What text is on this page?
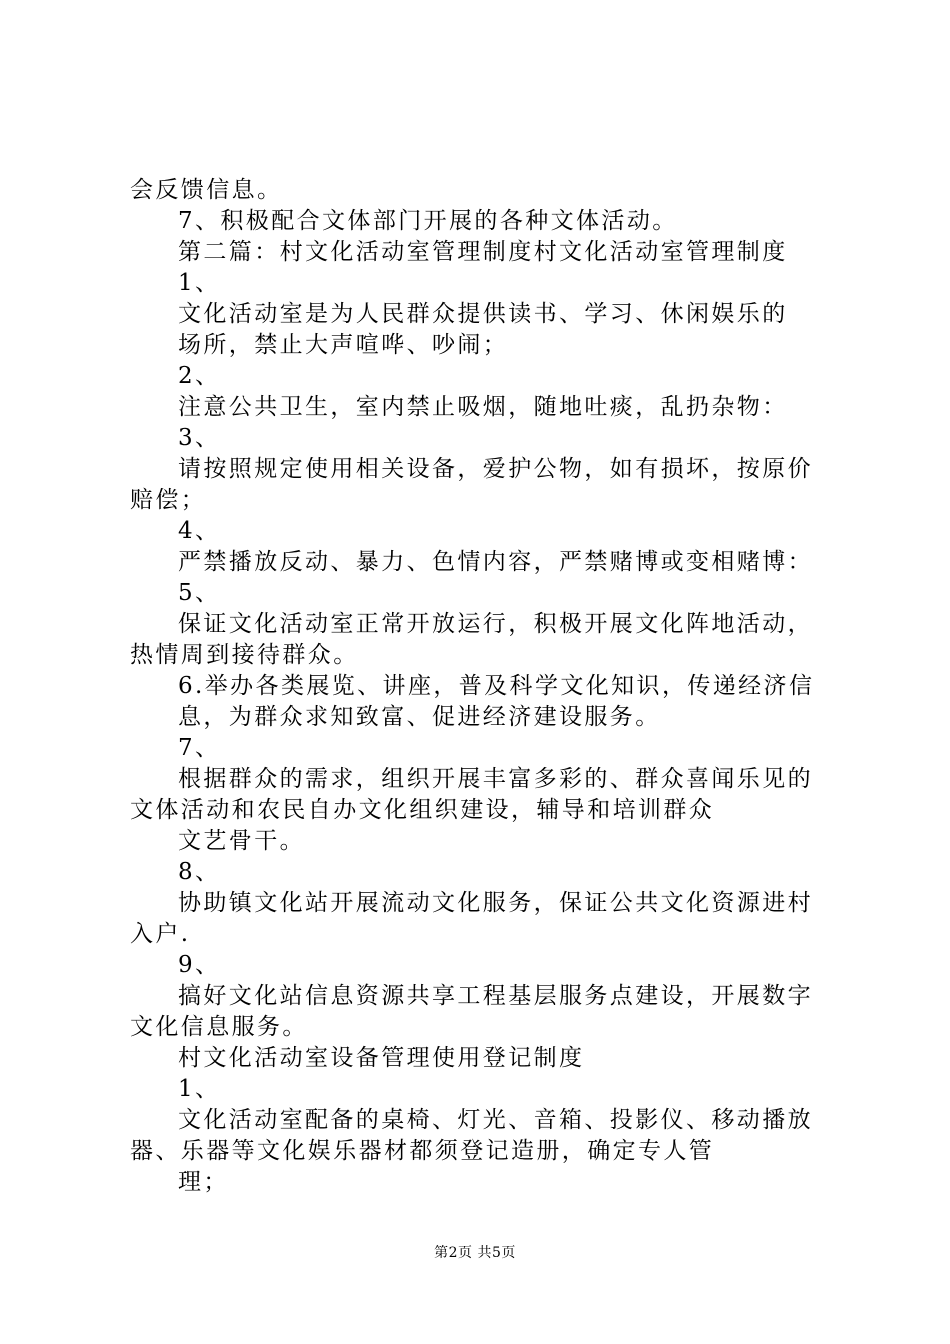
会反馈信息。
7、积极配合文体部门开展的各种文体活动。
第二篇：村文化活动室管理制度村文化活动室管理制度
1、
文化活动室是为人民群众提供读书、学习、休闲娱乐的
场所，禁止大声喧哗、吵闹；
2、
注意公共卫生，室内禁止吸烟，随地吐痰，乱扔杂物：
3、
请按照规定使用相关设备，爱护公物，如有损坏，按原价
赔偿；
4、
严禁播放反动、暴力、色情内容，严禁赌博或变相赌博：
5、
保证文化活动室正常开放运行，积极开展文化阵地活动，
热情周到接待群众。
6.举办各类展览、讲座，普及科学文化知识，传递经济信
息，为群众求知致富、促进经济建设服务。
7、
根据群众的需求，组织开展丰富多彩的、群众喜闻乐见的
文体活动和农民自办文化组织建设，辅导和培训群众
文艺骨干。
8、
协助镇文化站开展流动文化服务，保证公共文化资源进村
入户.
9、
搞好文化站信息资源共享工程基层服务点建设，开展数字
文化信息服务。
村文化活动室设备管理使用登记制度
1、
文化活动室配备的桌椅、灯光、音箱、投影仪、移动播放
器、乐器等文化娱乐器材都须登记造册，确定专人管
理；
第2页 共5页
